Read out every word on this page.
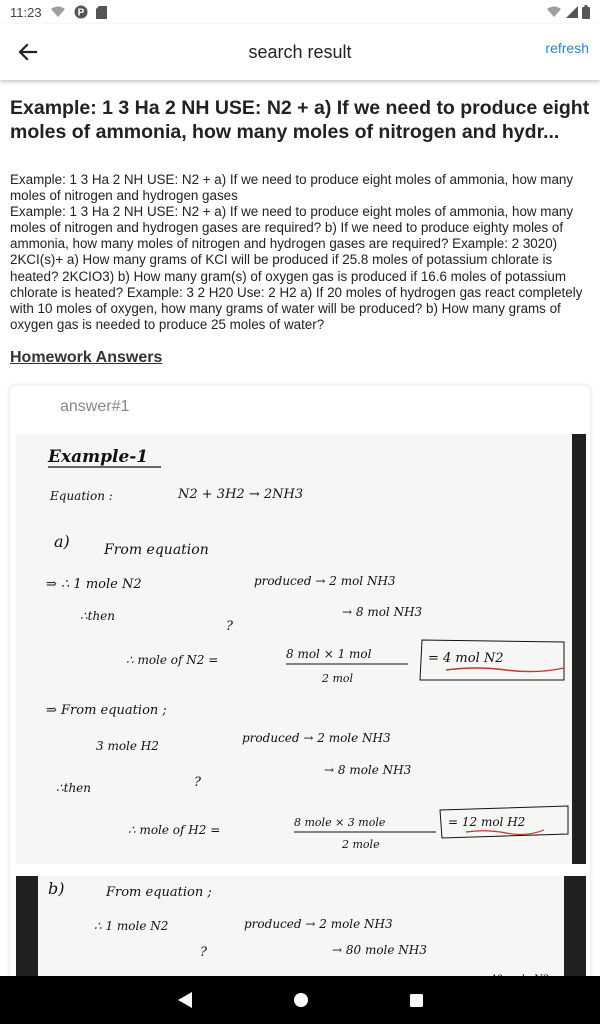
11:23	P
search result	refresh
Example: 1 3 Ha 2 NH USE: N2 + a) If we need to produce eight moles of ammonia, how many moles of nitrogen and hydr...

Example: 1 3 Ha 2 NH USE: N2 + a) If we need to produce eight moles of ammonia, how many moles of nitrogen and hydrogen gases

Example: 1 3 Ha 2 NH USE: N2 + a) If we need to produce eight moles of ammonia, how many moles of nitrogen and hydrogen gases are required? b) If we need to produce eighty moles of ammonia, how many moles of nitrogen and hydrogen gases are required? Example: 2 3020) 2KCI(s)+ a) How many grams of KCI will be produced if 25.8 moles of potassium chlorate is heated? 2KCIO3) b) How many gram(s) of oxygen gas is produced if 16.6 moles of potassium chlorate is heated? Example: 3 2 H20 Use: 2 H2 a) If 20 moles of hydrogen gas react completely with 10 moles of oxygen, how many grams of water will be produced? b) How many grams of oxygen gas is needed to produce 25 moles of water?

Homework Answers
answer#1
Example-1
Equation :	N2 + 3H2 → 2NH3
a) From equation
⇒ ∴ 1 mole N2	produced → 2 mol NH3
∴then	→ 8 mol NH3
?
∴ mole of N2 =	8 mol × 1 mol
2 mol
= 4 mol N2
⇒ From equation ;
3 mole H2
produced → 2 mole NH3
∴then
→ 8 mole NH3
?
∴ mole of H2 =
8 mole × 3 mole
2 mole
= 12 mol H2
b)	From equation ;
∴ 1 mole N2	produced → 2 mole NH3
?	→ 80 mole NH3
